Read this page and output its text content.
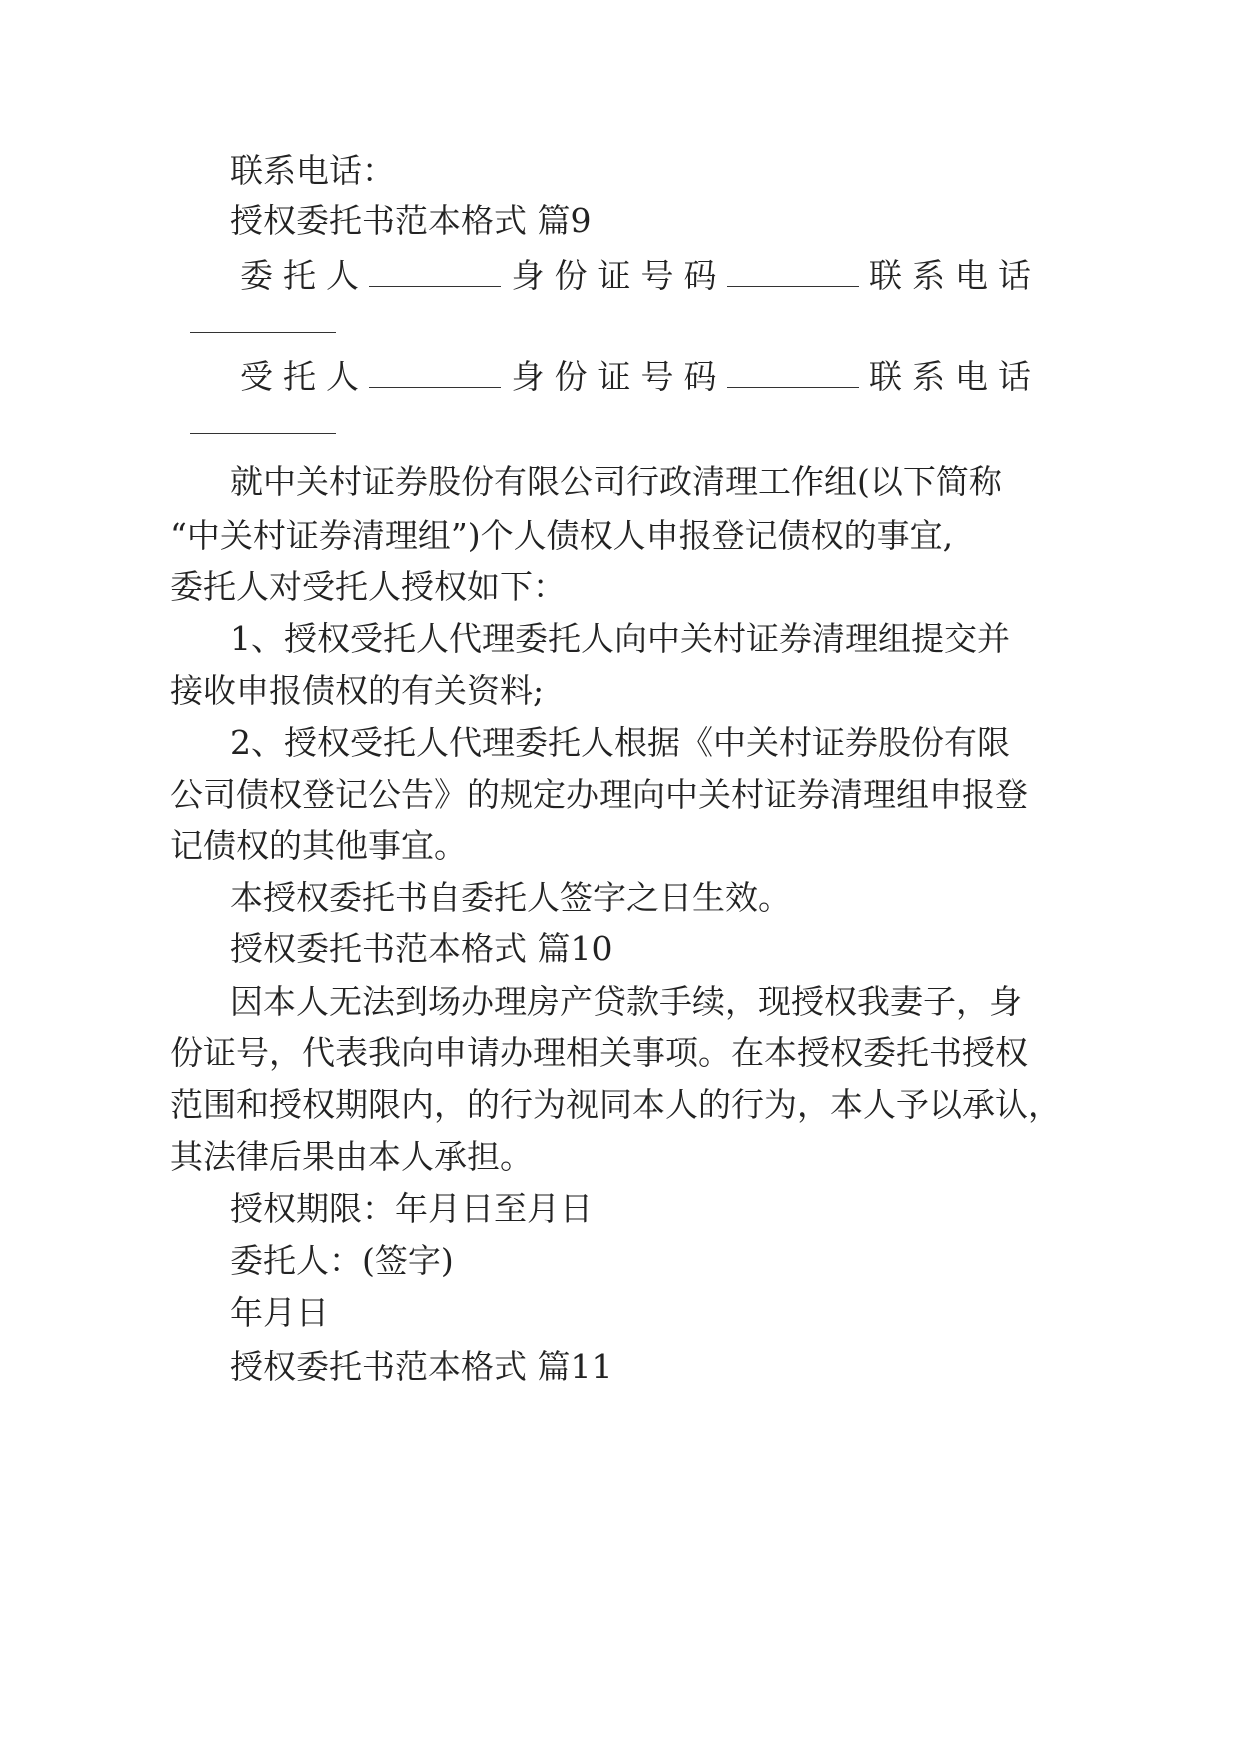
联系电话：
授权委托书范本格式 篇9
委托人	身份证号码	联系电话
受托人	身份证号码	联系电话
就中关村证券股份有限公司行政清理工作组(以下简称
“中关村证券清理组”)个人债权人申报登记债权的事宜,
委托人对受托人授权如下：
1、授权受托人代理委托人向中关村证券清理组提交并
接收申报债权的有关资料;
2、授权受托人代理委托人根据《中关村证券股份有限
公司债权登记公告》的规定办理向中关村证券清理组申报登
记债权的其他事宜。
本授权委托书自委托人签字之日生效。
授权委托书范本格式 篇10
因本人无法到场办理房产贷款手续，现授权我妻子，身
份证号，代表我向申请办理相关事项。在本授权委托书授权
范围和授权期限内，的行为视同本人的行为，本人予以承认，
其法律后果由本人承担。
授权期限：年月日至月日
委托人：(签字)
年月日
授权委托书范本格式 篇11
